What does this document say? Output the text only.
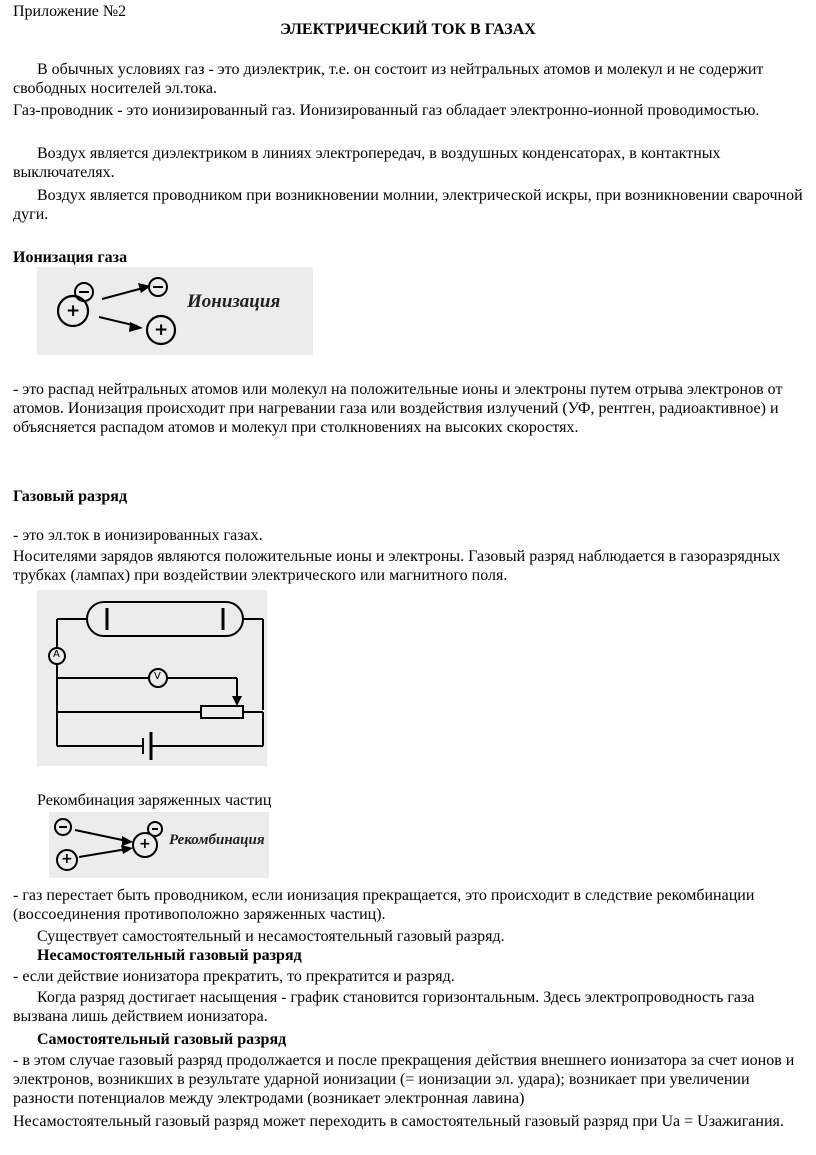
Приложение №2
ЭЛЕКТРИЧЕСКИЙ ТОК В ГАЗАХ
В обычных условиях газ - это диэлектрик, т.е. он состоит из нейтральных атомов и молекул и не содержит свободных носителей эл.тока.
Газ-проводник - это ионизированный газ. Ионизированный газ обладает электронно-ионной проводимостью.
Воздух является диэлектриком в линиях электропередач, в воздушных конденсаторах, в контактных выключателях.
Воздух является проводником при возникновении молнии, электрической искры, при возникновении сварочной дуги.
Ионизация газа
+
+
Ионизация
- это распад нейтральных атомов или молекул на положительные ионы и электроны путем отрыва электронов от атомов. Ионизация происходит при нагревании газа или воздействия излучений (УФ, рентген, радиоактивное) и объясняется распадом атомов и молекул при столкновениях на высоких скоростях.
Газовый разряд
- это эл.ток в ионизированных газах.
Носителями зарядов являются положительные ионы и электроны. Газовый разряд наблюдается в газоразрядных трубках (лампах) при воздействии электрического или магнитного поля.
A
V
Рекомбинация заряженных частиц
+
+ Рекомбинация
- газ перестает быть проводником, если ионизация прекращается, это происходит в следствие рекомбинации (воссоединения противоположно заряженных частиц).
Существует самостоятельный и несамостоятельный газовый разряд.
Несамостоятельный газовый разряд
- если действие ионизатора прекратить, то прекратится и разряд.
Когда разряд достигает насыщения - график становится горизонтальным. Здесь электропроводность газа вызвана лишь действием ионизатора.
Самостоятельный газовый разряд
- в этом случае газовый разряд продолжается и после прекращения действия внешнего ионизатора за счет ионов и электронов, возникших в результате ударной ионизации (= ионизации эл. удара); возникает при увеличении разности потенциалов между электродами (возникает электронная лавина)
Несамостоятельный газовый разряд может переходить в самостоятельный газовый разряд при Ua = Uзажигания.
